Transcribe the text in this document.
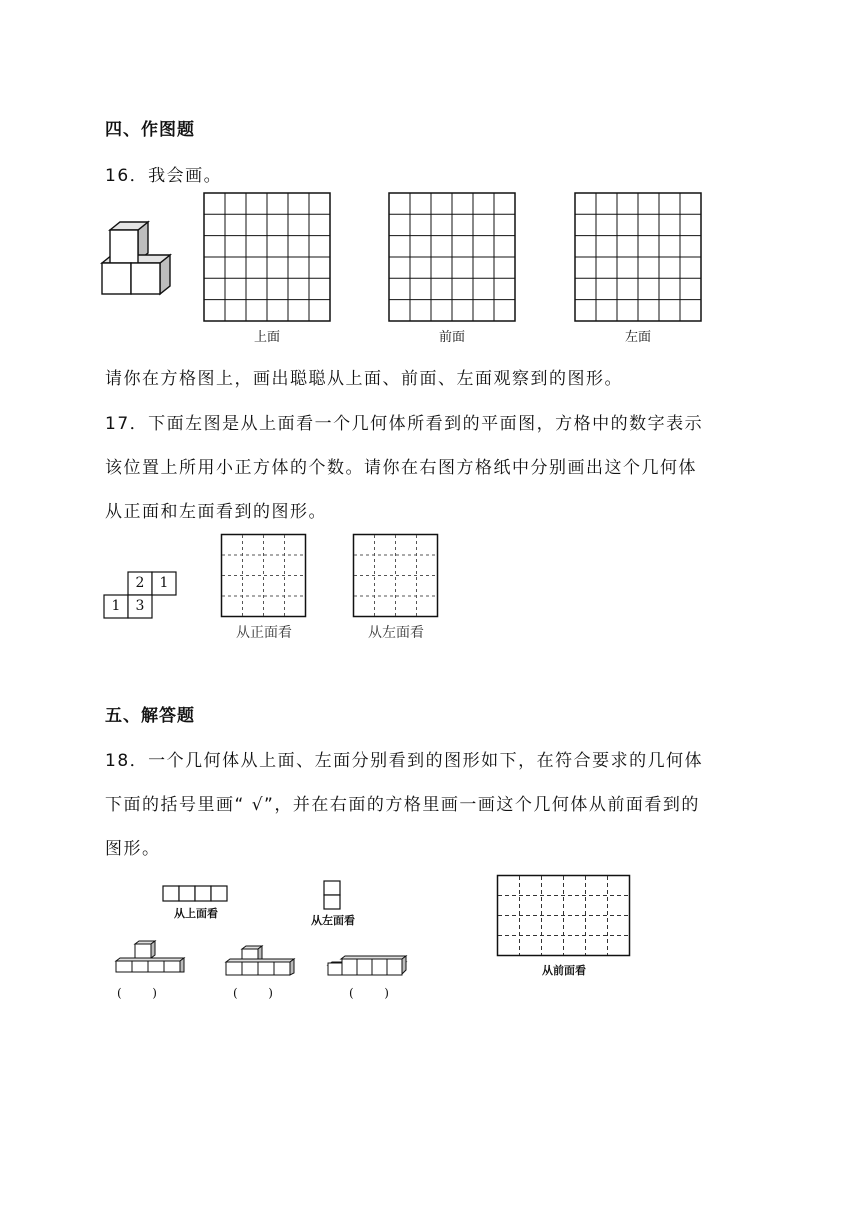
四、作图题
16．我会画。
上面	前面	左面
请你在方格图上，画出聪聪从上面、前面、左面观察到的图形。
17．下面左图是从上面看一个几何体所看到的平面图，方格中的数字表示
该位置上所用小正方体的个数。请你在右图方格纸中分别画出这个几何体
从正面和左面看到的图形。
2	1
1	3
从正面看	从左面看
五、解答题
18．一个几何体从上面、左面分别看到的图形如下，在符合要求的几何体
下面的括号里画“ √”，并在右面的方格里画一画这个几何体从前面看到的
图形。
从上面看
从左面看
(        )	(        )	(        )
从前面看
